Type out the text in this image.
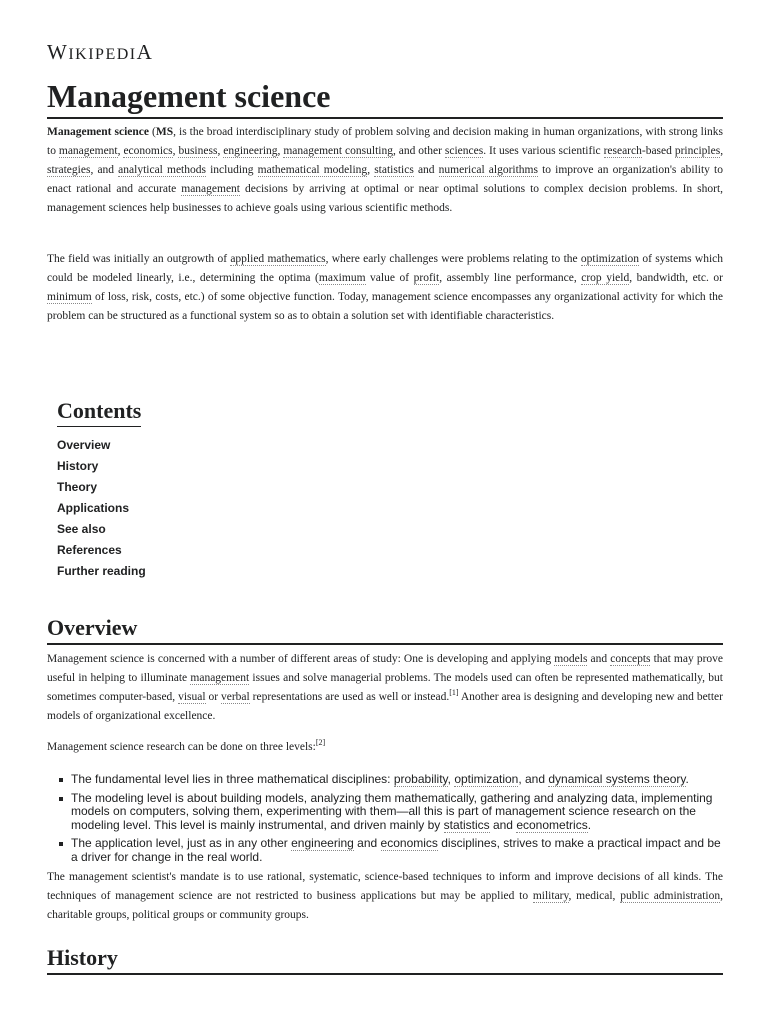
WIKIPEDIA
Management science

Management science (MS, is the broad interdisciplinary study of problem solving and decision making in human organizations, with strong links to management, economics, business, engineering, management consulting, and other sciences. It uses various scientific research-based principles, strategies, and analytical methods including mathematical modeling, statistics and numerical algorithms to improve an organization's ability to enact rational and accurate management decisions by arriving at optimal or near optimal solutions to complex decision problems. In short, management sciences help businesses to achieve goals using various scientific methods.

The field was initially an outgrowth of applied mathematics, where early challenges were problems relating to the optimization of systems which could be modeled linearly, i.e., determining the optima (maximum value of profit, assembly line performance, crop yield, bandwidth, etc. or minimum of loss, risk, costs, etc.) of some objective function. Today, management science encompasses any organizational activity for which the problem can be structured as a functional system so as to obtain a solution set with identifiable characteristics.

Contents
Overview
History
Theory
Applications
See also
References
Further reading
Overview

Management science is concerned with a number of different areas of study: One is developing and applying models and concepts that may prove useful in helping to illuminate management issues and solve managerial problems. The models used can often be represented mathematically, but sometimes computer-based, visual or verbal representations are used as well or instead.[1] Another area is designing and developing new and better models of organizational excellence.

Management science research can be done on three levels:[2]

The fundamental level lies in three mathematical disciplines: probability, optimization, and dynamical systems theory.
The modeling level is about building models, analyzing them mathematically, gathering and analyzing data, implementing models on computers, solving them, experimenting with them—all this is part of management science research on the modeling level. This level is mainly instrumental, and driven mainly by statistics and econometrics.
The application level, just as in any other engineering and economics disciplines, strives to make a practical impact and be a driver for change in the real world.

The management scientist's mandate is to use rational, systematic, science-based techniques to inform and improve decisions of all kinds. The techniques of management science are not restricted to business applications but may be applied to military, medical, public administration, charitable groups, political groups or community groups.

History
